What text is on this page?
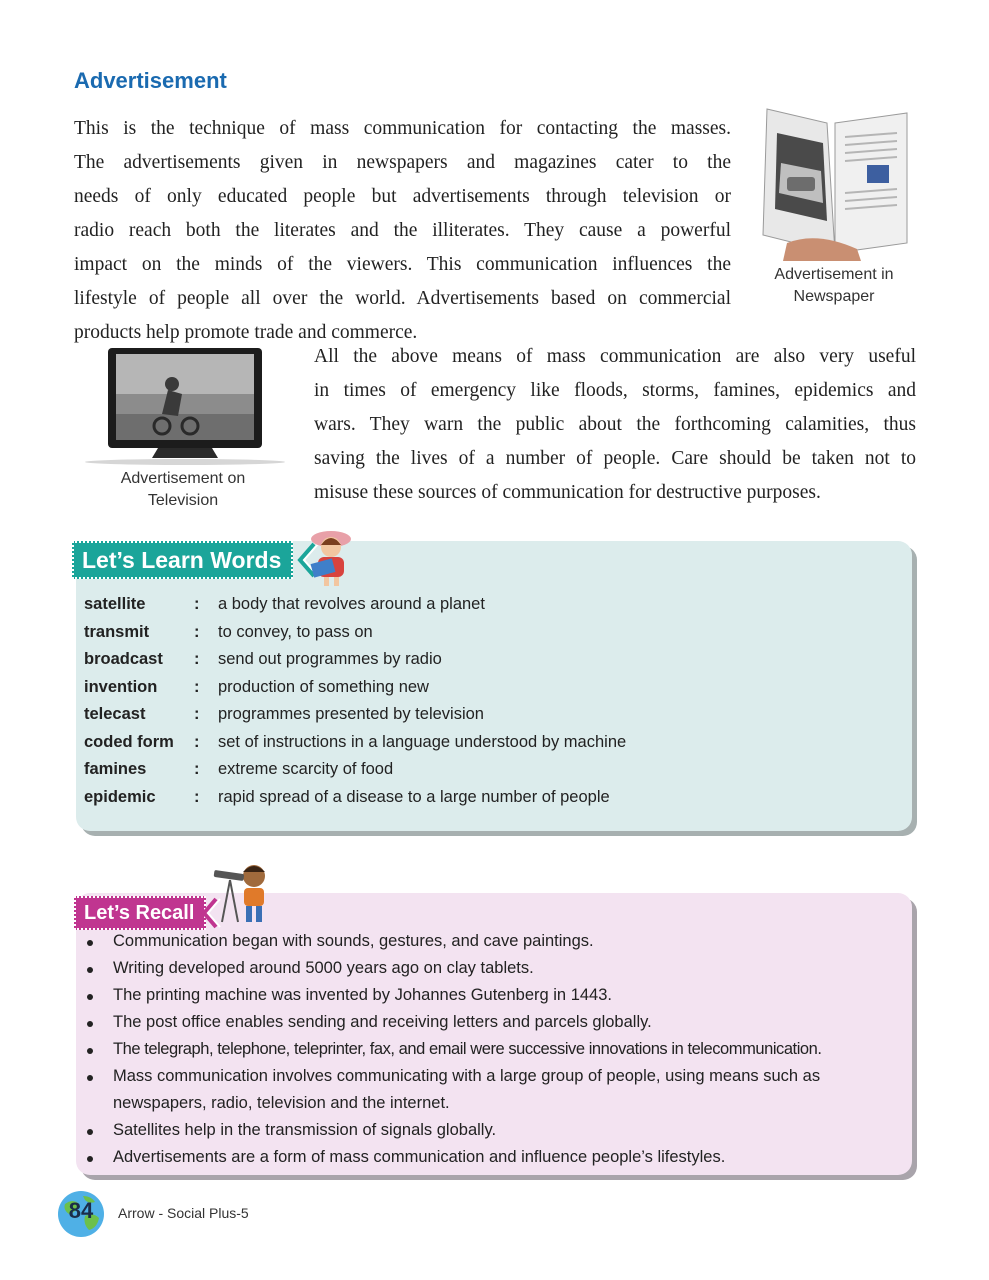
Advertisement
This is the technique of mass communication for contacting the masses.
The advertisements given in newspapers and magazines cater to the
needs of only educated people but advertisements through television or
radio reach both the literates and the illiterates. They cause a powerful
impact on the minds of the viewers. This communication influences the
lifestyle of people all over the world. Advertisements based on commercial
products help promote trade and commerce.
Advertisement in
Newspaper
Advertisement on
Television
All the above means of mass communication are also very useful
in times of emergency like floods, storms, famines, epidemics and
wars. They warn the public about the forthcoming calamities, thus
saving the lives of a number of people. Care should be taken not to
misuse these sources of communication for destructive purposes.
Let’s Learn Words
satellite	: a body that revolves around a planet
transmit	: to convey, to pass on
broadcast : send out programmes by radio
invention : production of something new
telecast	: programmes presented by television
coded form : set of instructions in a language understood by machine
famines	: extreme scarcity of food
epidemic : rapid spread of a disease to a large number of people
Let’s Recall
Communication began with sounds, gestures, and cave paintings.
Writing developed around 5000 years ago on clay tablets.
The printing machine was invented by Johannes Gutenberg in 1443.
The post office enables sending and receiving letters and parcels globally.
The telegraph, telephone, teleprinter, fax, and email were successive innovations in telecommunication.
Mass communication involves communicating with a large group of people, using means such as newspapers, radio, television and the internet.
Satellites help in the transmission of signals globally.
Advertisements are a form of mass communication and influence people’s lifestyles.
84	Arrow - Social Plus-5
